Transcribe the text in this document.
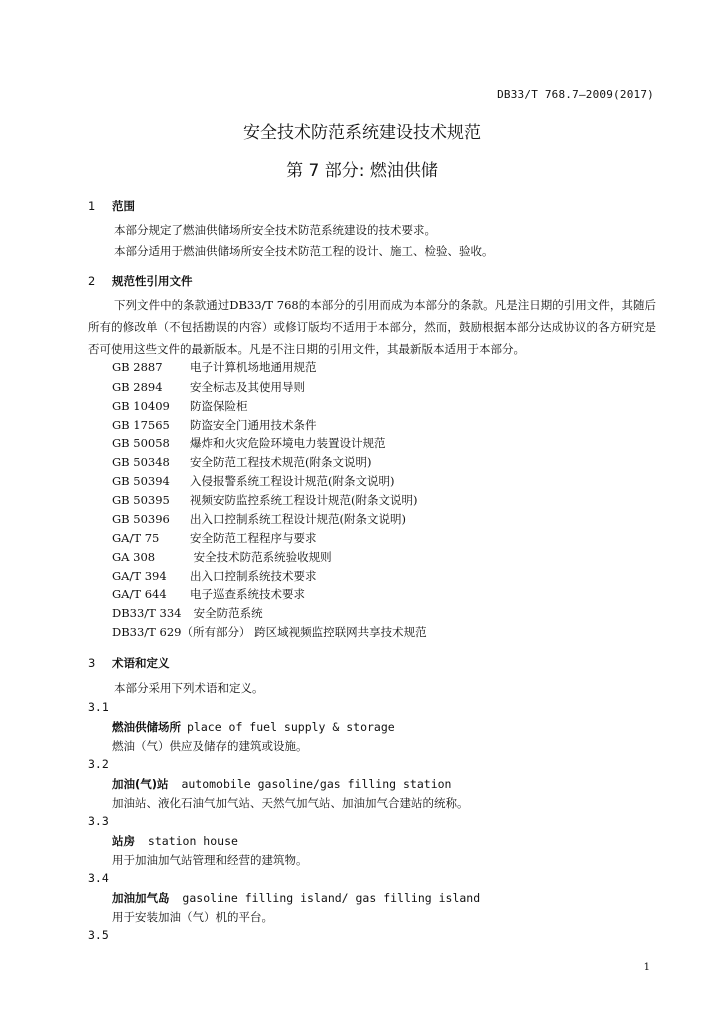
DB33/T 768.7—2009(2017)
安全技术防范系统建设技术规范
第 7 部分: 燃油供储
1 范围
本部分规定了燃油供储场所安全技术防范系统建设的技术要求。
本部分适用于燃油供储场所安全技术防范工程的设计、施工、检验、验收。
2 规范性引用文件
下列文件中的条款通过DB33/T 768的本部分的引用而成为本部分的条款。凡是注日期的引用文件，其随后所有的修改单（不包括勘误的内容）或修订版均不适用于本部分，然而，鼓励根据本部分达成协议的各方研究是否可使用这些文件的最新版本。凡是不注日期的引用文件，其最新版本适用于本部分。
GB 2887 电子计算机场地通用规范
GB 2894 安全标志及其使用导则
GB 10409 防盗保险柜
GB 17565 防盗安全门通用技术条件
GB 50058 爆炸和火灾危险环境电力装置设计规范
GB 50348 安全防范工程技术规范(附条文说明)
GB 50394 入侵报警系统工程设计规范(附条文说明)
GB 50395 视频安防监控系统工程设计规范(附条文说明)
GB 50396 出入口控制系统工程设计规范(附条文说明)
GA/T 75	安全防范工程程序与要求
GA 308	安全技术防范系统验收规则
GA/T 394 出入口控制系统技术要求
GA/T 644 电子巡查系统技术要求
DB33/T 334 安全防范系统
DB33/T 629（所有部分） 跨区域视频监控联网共享技术规范
3 术语和定义
本部分采用下列术语和定义。
3.1
燃油供储场所 place of fuel supply & storage
燃油（气）供应及储存的建筑或设施。
3.2
加油(气)站 automobile gasoline/gas filling station
加油站、液化石油气加气站、天然气加气站、加油加气合建站的统称。
3.3
站房 station house
用于加油加气站管理和经营的建筑物。
3.4
加油加气岛 gasoline filling island/ gas filling island
用于安装加油（气）机的平台。
3.5
1
